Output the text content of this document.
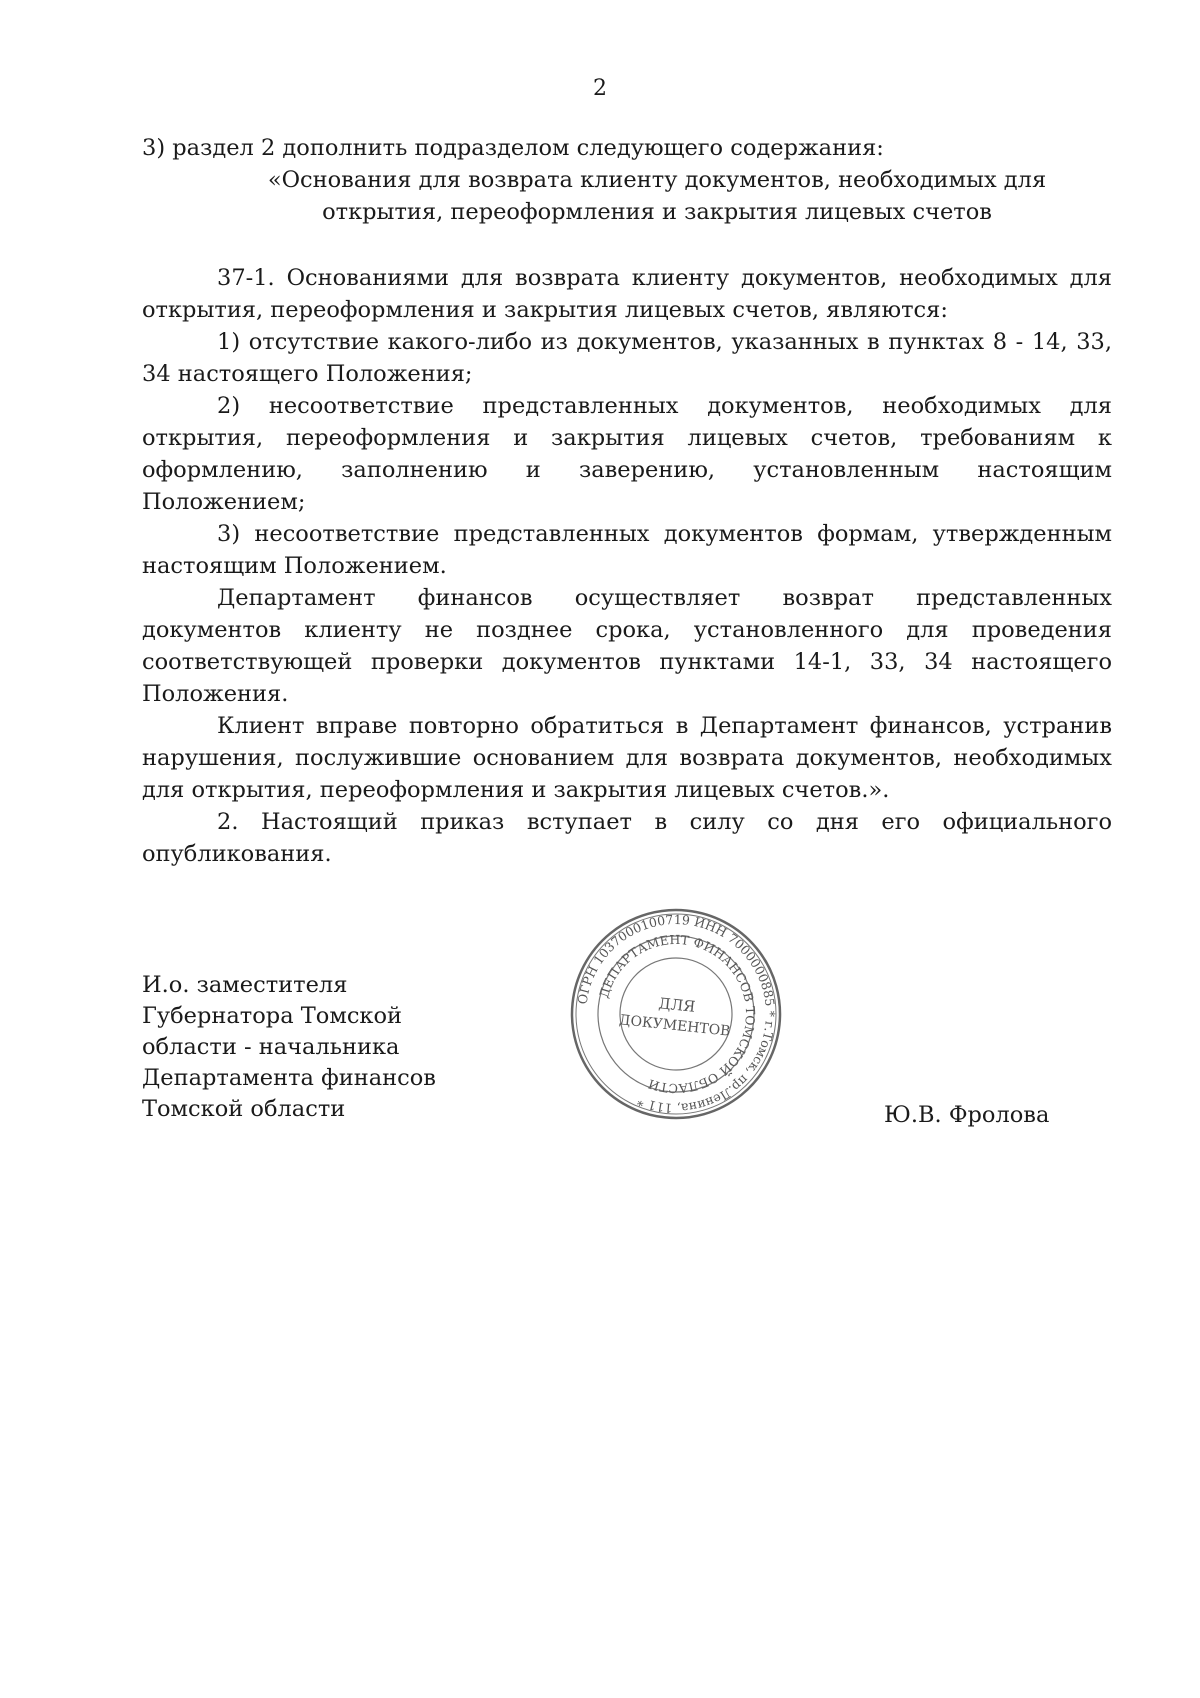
2

3) раздел 2 дополнить подразделом следующего содержания:

«Основания для возврата клиенту документов, необходимых для
открытия, переоформления и закрытия лицевых счетов

37-1. Основаниями для возврата клиенту документов, необходимых для открытия, переоформления и закрытия лицевых счетов, являются:

1) отсутствие какого-либо из документов, указанных в пунктах 8 - 14, 33, 34 настоящего Положения;

2) несоответствие представленных документов, необходимых для открытия, переоформления и закрытия лицевых счетов, требованиям к оформлению, заполнению и заверению, установленным настоящим Положением;

3) несоответствие представленных документов формам, утвержденным настоящим Положением.

Департамент финансов осуществляет возврат представленных документов клиенту не позднее срока, установленного для проведения соответствующей проверки документов пунктами 14-1, 33, 34 настоящего Положения.

Клиент вправе повторно обратиться в Департамент финансов, устранив нарушения, послужившие основанием для возврата документов, необходимых для открытия, переоформления и закрытия лицевых счетов.».

2. Настоящий приказ вступает в силу со дня его официального опубликования.

И.о. заместителя
Губернатора Томской
области - начальника
Департамента финансов
Томской области	Ю.В. Фролова
ОГРН 1037000100719 ИНН 7000000885 * г.Томск, пр.Ленина, 111 *
ДЕПАРТАМЕНТ ФИНАНСОВ ТОМСКОЙ ОБЛАСТИ
ДЛЯ
ДОКУМЕНТОВ
